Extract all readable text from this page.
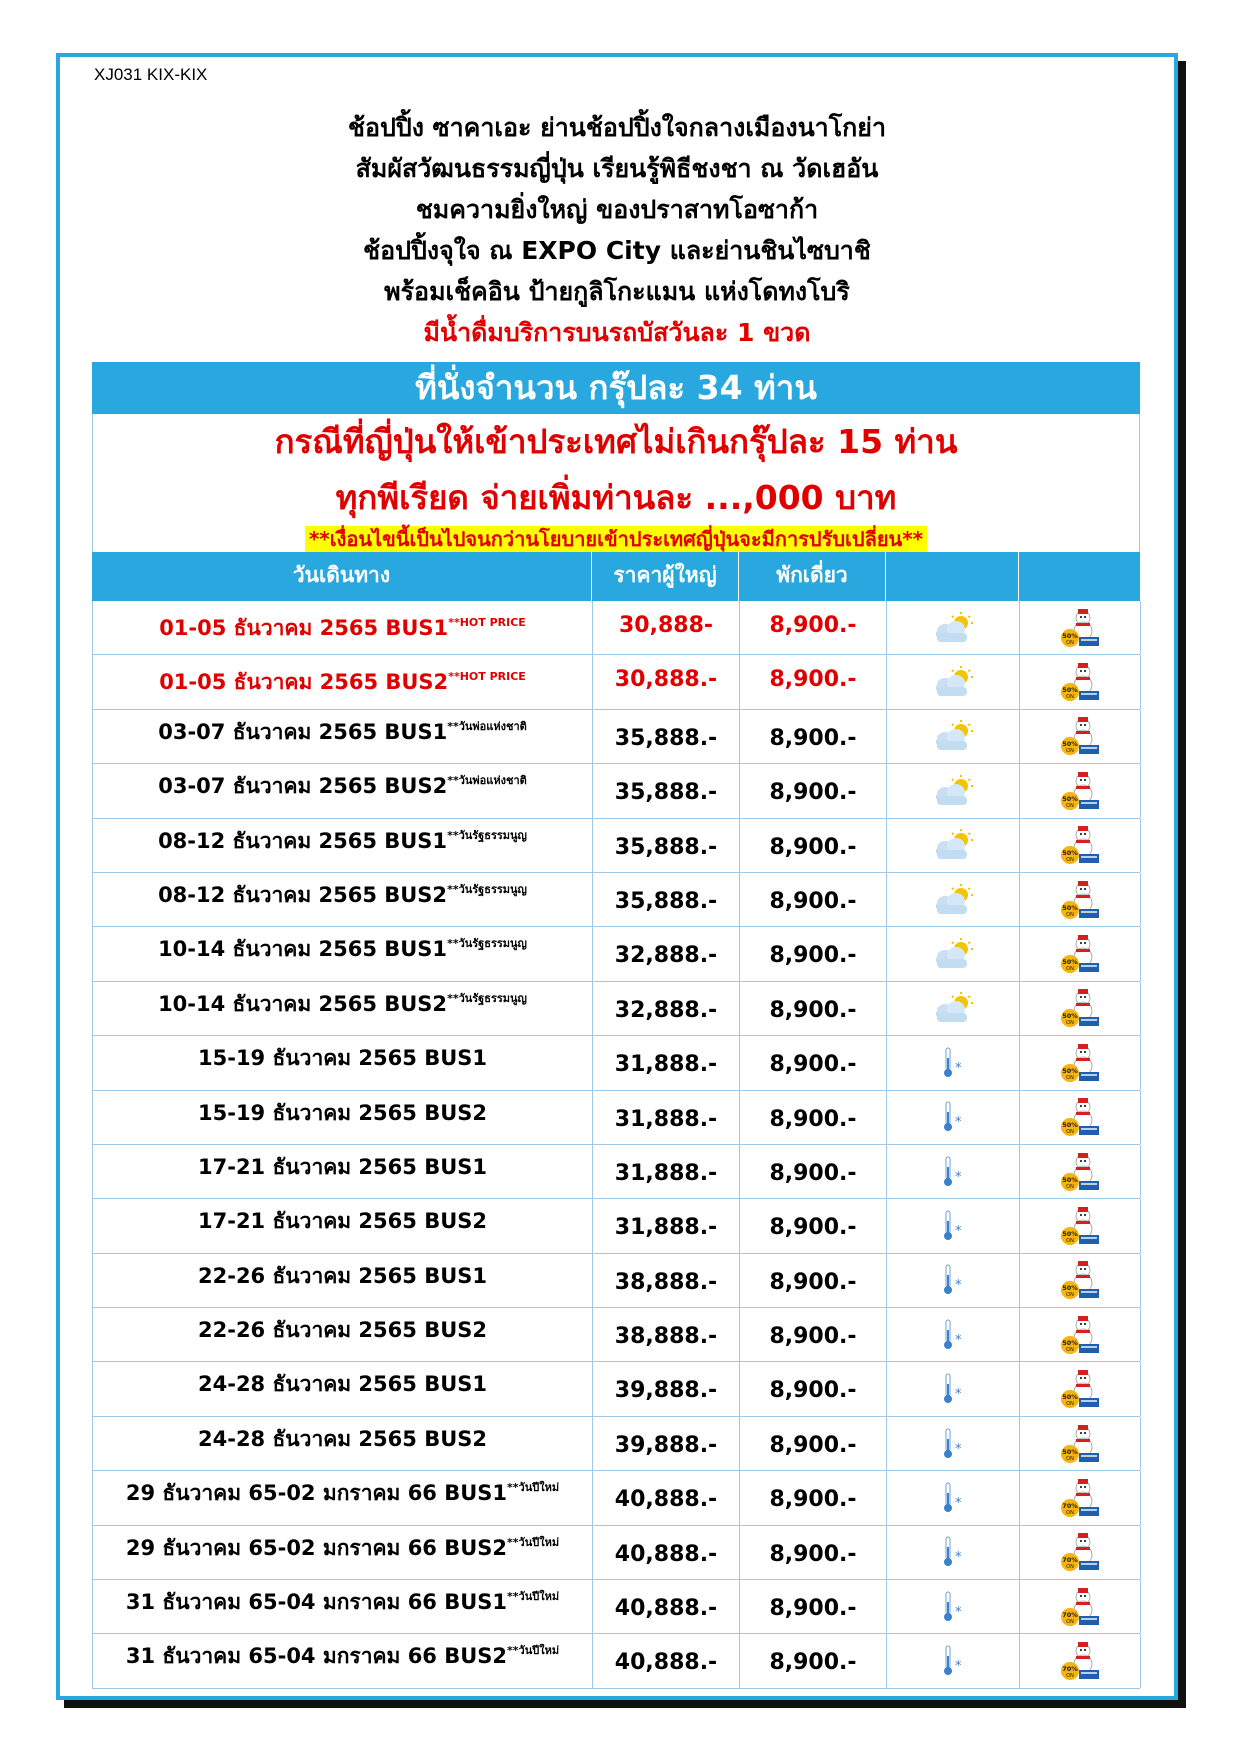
XJ031 KIX-KIX
ช้อปปิ้ง ซาคาเอะ ย่านช้อปปิ้งใจกลางเมืองนาโกย่า
สัมผัสวัฒนธรรมญี่ปุ่น เรียนรู้พิธีชงชา ณ วัดเฮอัน
ชมความยิ่งใหญ่ ของปราสาทโอซาก้า
ช้อปปิ้งจุใจ ณ EXPO City และย่านชินไซบาชิ
พร้อมเช็คอิน ป้ายกูลิโกะแมน แห่งโดทงโบริ
มีน้ำดื่มบริการบนรถบัสวันละ 1 ขวด
ที่นั่งจำนวน กรุ๊ปละ 34 ท่าน
กรณีที่ญี่ปุ่นให้เข้าประเทศไม่เกินกรุ๊ปละ 15 ท่าน
ทุกพีเรียด จ่ายเพิ่มท่านละ ...,000 บาท
**เงื่อนไขนี้เป็นไปจนกว่านโยบายเข้าประเทศญี่ปุ่นจะมีการปรับเปลี่ยน**
วันเดินทาง	ราคาผู้ใหญ่	พักเดี่ยว
01-05 ธันวาคม 2565 $BUS1^{**HOT PRICE}$	30,888-	8,900.-	50%
ON
01-05 ธันวาคม 2565 $BUS2^{**HOT PRICE}$	30,888.-	8,900.-	50%
ON
03-07 ธันวาคม 2565 $BUS1^{**วันพ่อแห่งชาติ}$	35,888.-	8,900.-	50%
ON
03-07 ธันวาคม 2565 $BUS2^{**วันพ่อแห่งชาติ}$	35,888.-	8,900.-	50%
ON
08-12 ธันวาคม 2565 $BUS1^{**วันรัฐธรรมนูญ}$	35,888.-	8,900.-	50%
ON
08-12 ธันวาคม 2565 $BUS2^{**วันรัฐธรรมนูญ}$	35,888.-	8,900.-	50%
ON
10-14 ธันวาคม 2565 $BUS1^{**วันรัฐธรรมนูญ}$	32,888.-	8,900.-	50%
ON
10-14 ธันวาคม 2565 $BUS2^{**วันรัฐธรรมนูญ}$	32,888.-	8,900.-	50%
ON
15-19 ธันวาคม 2565 BUS1	31,888.-	8,900.-	*	50%
ON
15-19 ธันวาคม 2565 BUS2	31,888.-	8,900.-	*	50%
ON
17-21 ธันวาคม 2565 BUS1	31,888.-	8,900.-	*	50%
ON
17-21 ธันวาคม 2565 BUS2	31,888.-	8,900.-	*	50%
ON
22-26 ธันวาคม 2565 BUS1	38,888.-	8,900.-	*	50%
ON
22-26 ธันวาคม 2565 BUS2	38,888.-	8,900.-	*	50%
ON
24-28 ธันวาคม 2565 BUS1	39,888.-	8,900.-	*	50%
ON
24-28 ธันวาคม 2565 BUS2	39,888.-	8,900.-	*	50%
ON
29 ธันวาคม 65-02 มกราคม 66 $BUS1^{**วันปีใหม่}$	40,888.-	8,900.-	*	70%
ON
29 ธันวาคม 65-02 มกราคม 66 $BUS2^{**วันปีใหม่}$	40,888.-	8,900.-	*	70%
ON
31 ธันวาคม 65-04 มกราคม 66 $BUS1^{**วันปีใหม่}$	40,888.-	8,900.-	*	70%
ON
31 ธันวาคม 65-04 มกราคม 66 $BUS2^{**วันปีใหม่}$	40,888.-	8,900.-	*	70%
ON
